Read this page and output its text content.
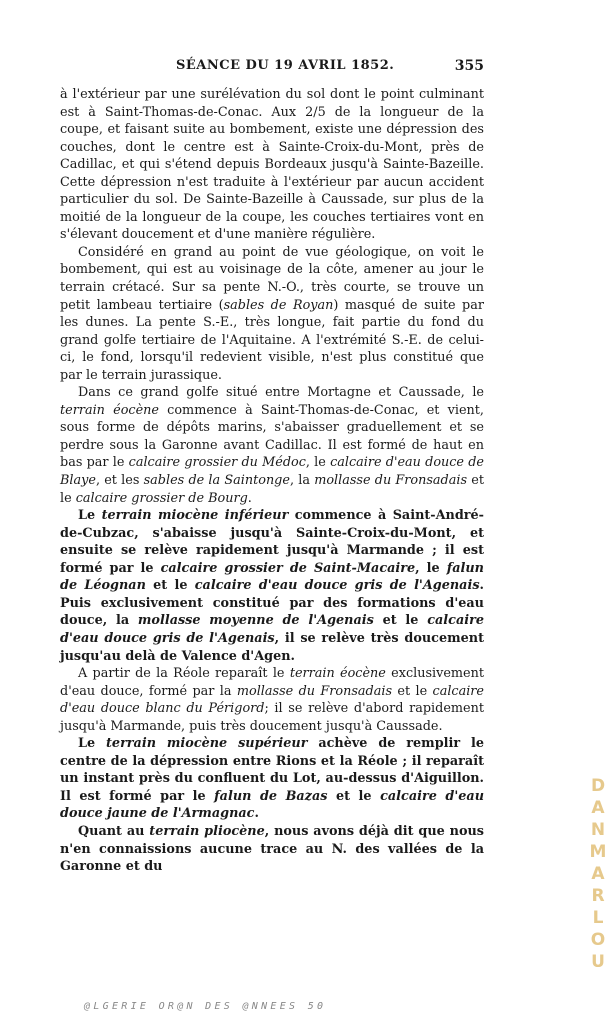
SÉANCE DU 19 AVRIL 1852.	355

à l'extérieur par une surélévation du sol dont le point culminant est à Saint-Thomas-de-Conac. Aux 2/5 de la longueur de la coupe, et faisant suite au bombement, existe une dépression des couches, dont le centre est à Sainte-Croix-du-Mont, près de Cadillac, et qui s'étend depuis Bordeaux jusqu'à Sainte-Bazeille. Cette dépression n'est traduite à l'extérieur par aucun accident particulier du sol. De Sainte-Bazeille à Caussade, sur plus de la moitié de la longueur de la coupe, les couches tertiaires vont en s'élevant doucement et d'une manière régulière.

Considéré en grand au point de vue géologique, on voit le bombement, qui est au voisinage de la côte, amener au jour le terrain crétacé. Sur sa pente N.-O., très courte, se trouve un petit lambeau tertiaire (sables de Royan) masqué de suite par les dunes. La pente S.-E., très longue, fait partie du fond du grand golfe tertiaire de l'Aquitaine. A l'extrémité S.-E. de celui-ci, le fond, lorsqu'il redevient visible, n'est plus constitué que par le terrain jurassique.

Dans ce grand golfe situé entre Mortagne et Caussade, le terrain éocène commence à Saint-Thomas-de-Conac, et vient, sous forme de dépôts marins, s'abaisser graduellement et se perdre sous la Garonne avant Cadillac. Il est formé de haut en bas par le calcaire grossier du Médoc, le calcaire d'eau douce de Blaye, et les sables de la Saintonge, la mollasse du Fronsadais et le calcaire grossier de Bourg.

Le terrain miocène inférieur commence à Saint-André-de-Cubzac, s'abaisse jusqu'à Sainte-Croix-du-Mont, et ensuite se relève rapidement jusqu'à Marmande ; il est formé par le calcaire grossier de Saint-Macaire, le falun de Léognan et le calcaire d'eau douce gris de l'Agenais. Puis exclusivement constitué par des formations d'eau douce, la mollasse moyenne de l'Agenais et le calcaire d'eau douce gris de l'Agenais, il se relève très doucement jusqu'au delà de Valence d'Agen.

A partir de la Réole reparaît le terrain éocène exclusivement d'eau douce, formé par la mollasse du Fronsadais et le calcaire d'eau douce blanc du Périgord; il se relève d'abord rapidement jusqu'à Marmande, puis très doucement jusqu'à Caussade.

Le terrain miocène supérieur achève de remplir le centre de la dépression entre Rions et la Réole ; il reparaît un instant près du confluent du Lot, au-dessus d'Aiguillon. Il est formé par le falun de Bazas et le calcaire d'eau douce jaune de l'Armagnac.

Quant au terrain pliocène, nous avons déjà dit que nous n'en connaissions aucune trace au N. des vallées de la Garonne et du	DANMARLOU
@LGERIE OR@N DES @NNEES 50
